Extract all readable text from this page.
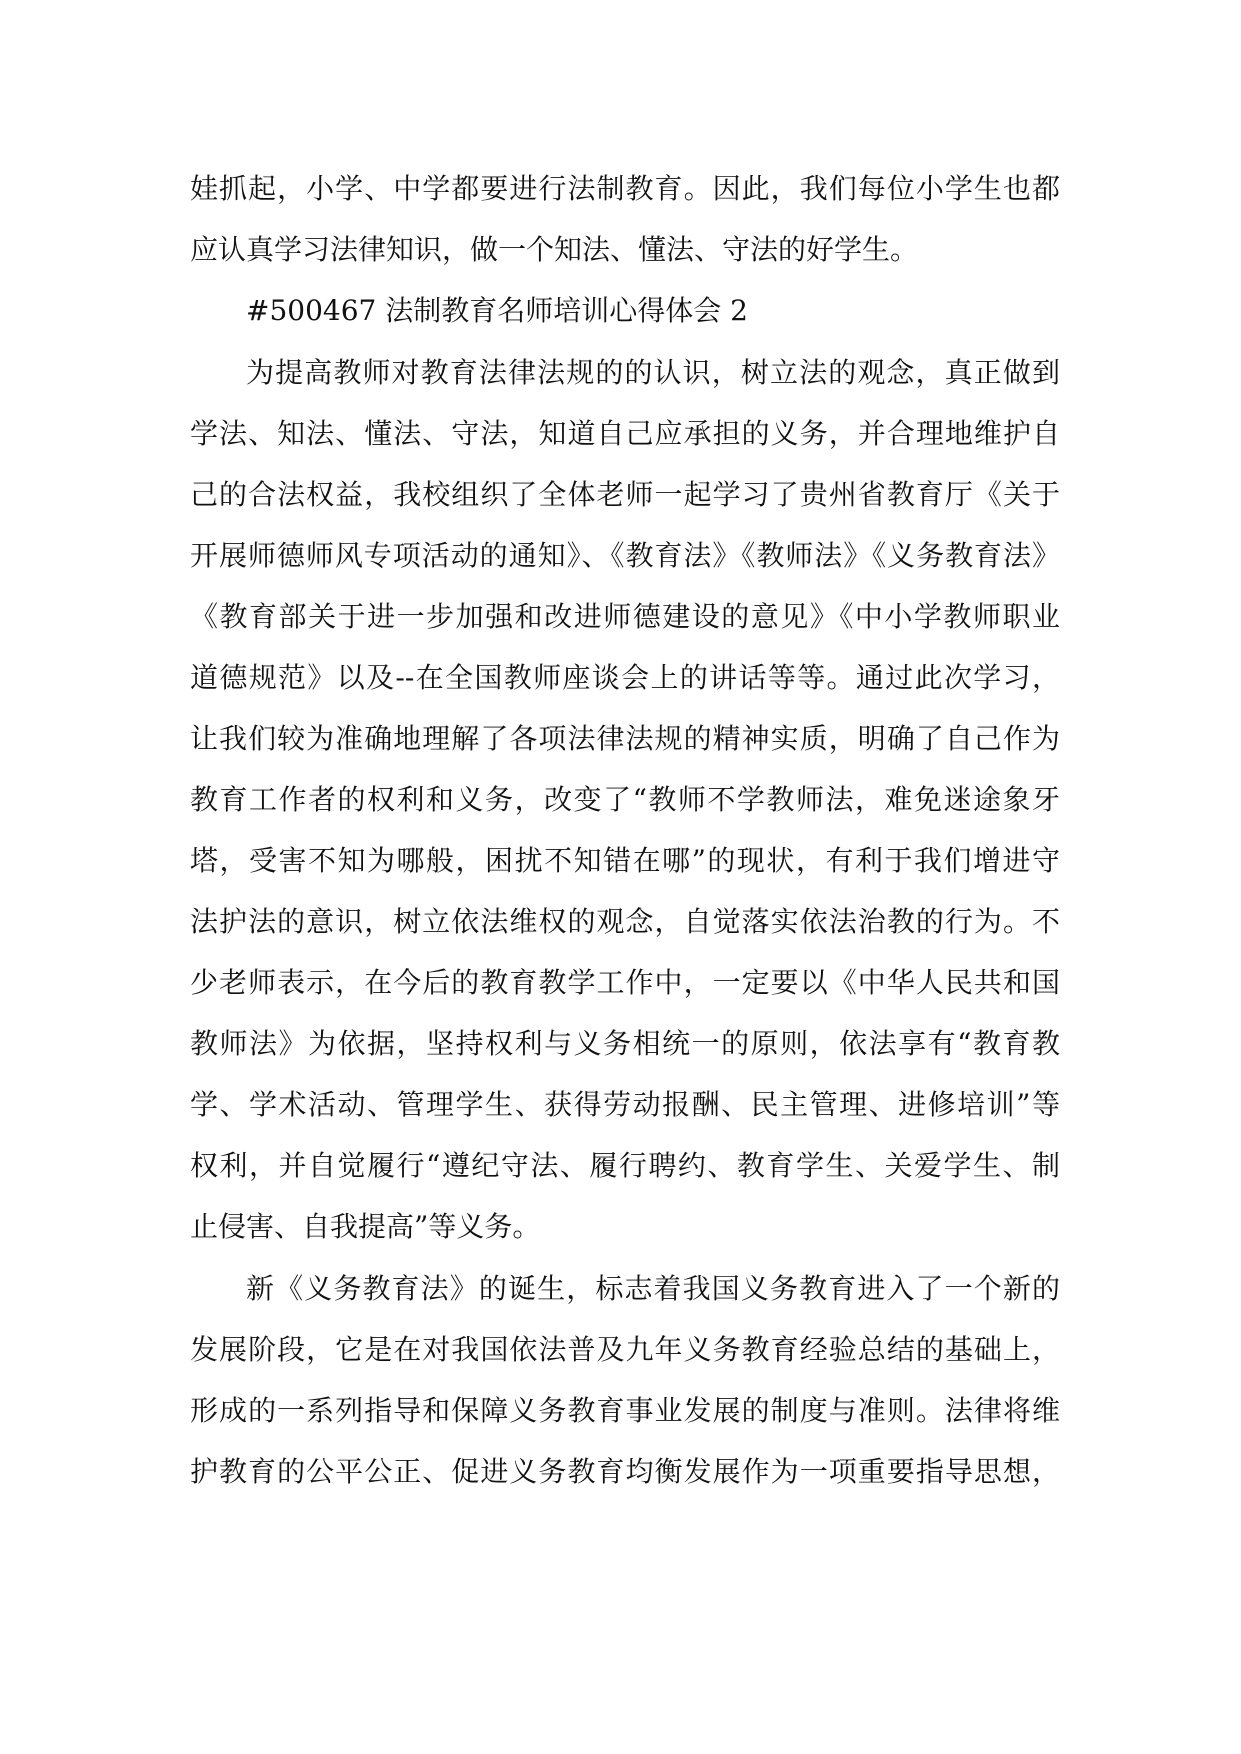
娃抓起，小学、中学都要进行法制教育。因此，我们每位小学生也都
应认真学习法律知识，做一个知法、懂法、守法的好学生。
#500467 法制教育名师培训心得体会 2
为提高教师对教育法律法规的的认识，树立法的观念，真正做到
学法、知法、懂法、守法，知道自己应承担的义务，并合理地维护自
己的合法权益，我校组织了全体老师一起学习了贵州省教育厅《关于
开展师德师风专项活动的通知》、《教育法》《教师法》《义务教育法》
《教育部关于进一步加强和改进师德建设的意见》《中小学教师职业
道德规范》以及--在全国教师座谈会上的讲话等等。通过此次学习，
让我们较为准确地理解了各项法律法规的精神实质，明确了自己作为
教育工作者的权利和义务，改变了“教师不学教师法，难免迷途象牙
塔，受害不知为哪般，困扰不知错在哪”的现状，有利于我们增进守
法护法的意识，树立依法维权的观念，自觉落实依法治教的行为。不
少老师表示，在今后的教育教学工作中，一定要以《中华人民共和国
教师法》为依据，坚持权利与义务相统一的原则，依法享有“教育教
学、学术活动、管理学生、获得劳动报酬、民主管理、进修培训”等
权利，并自觉履行“遵纪守法、履行聘约、教育学生、关爱学生、制
止侵害、自我提高”等义务。
新《义务教育法》的诞生，标志着我国义务教育进入了一个新的
发展阶段，它是在对我国依法普及九年义务教育经验总结的基础上，
形成的一系列指导和保障义务教育事业发展的制度与准则。法律将维
护教育的公平公正、促进义务教育均衡发展作为一项重要指导思想，
